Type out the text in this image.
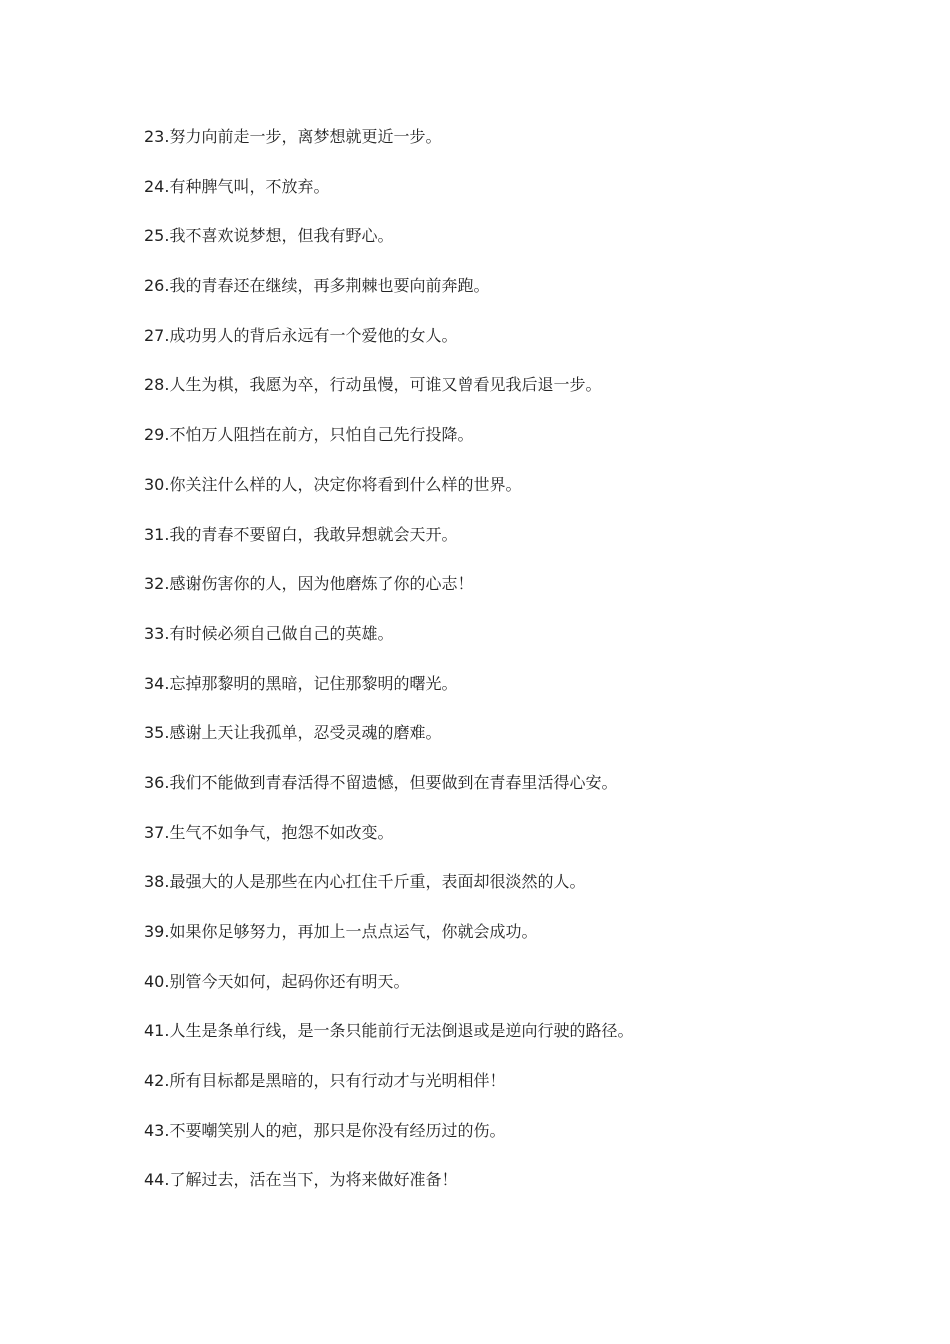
23.努力向前走一步，离梦想就更近一步。
24.有种脾气叫，不放弃。
25.我不喜欢说梦想，但我有野心。
26.我的青春还在继续，再多荆棘也要向前奔跑。
27.成功男人的背后永远有一个爱他的女人。
28.人生为棋，我愿为卒，行动虽慢，可谁又曾看见我后退一步。
29.不怕万人阻挡在前方，只怕自己先行投降。
30.你关注什么样的人，决定你将看到什么样的世界。
31.我的青春不要留白，我敢异想就会天开。
32.感谢伤害你的人，因为他磨炼了你的心志！
33.有时候必须自己做自己的英雄。
34.忘掉那黎明的黑暗，记住那黎明的曙光。
35.感谢上天让我孤单，忍受灵魂的磨难。
36.我们不能做到青春活得不留遗憾，但要做到在青春里活得心安。
37.生气不如争气，抱怨不如改变。
38.最强大的人是那些在内心扛住千斤重，表面却很淡然的人。
39.如果你足够努力，再加上一点点运气，你就会成功。
40.别管今天如何，起码你还有明天。
41.人生是条单行线，是一条只能前行无法倒退或是逆向行驶的路径。
42.所有目标都是黑暗的，只有行动才与光明相伴！
43.不要嘲笑别人的疤，那只是你没有经历过的伤。
44.了解过去，活在当下，为将来做好准备！
